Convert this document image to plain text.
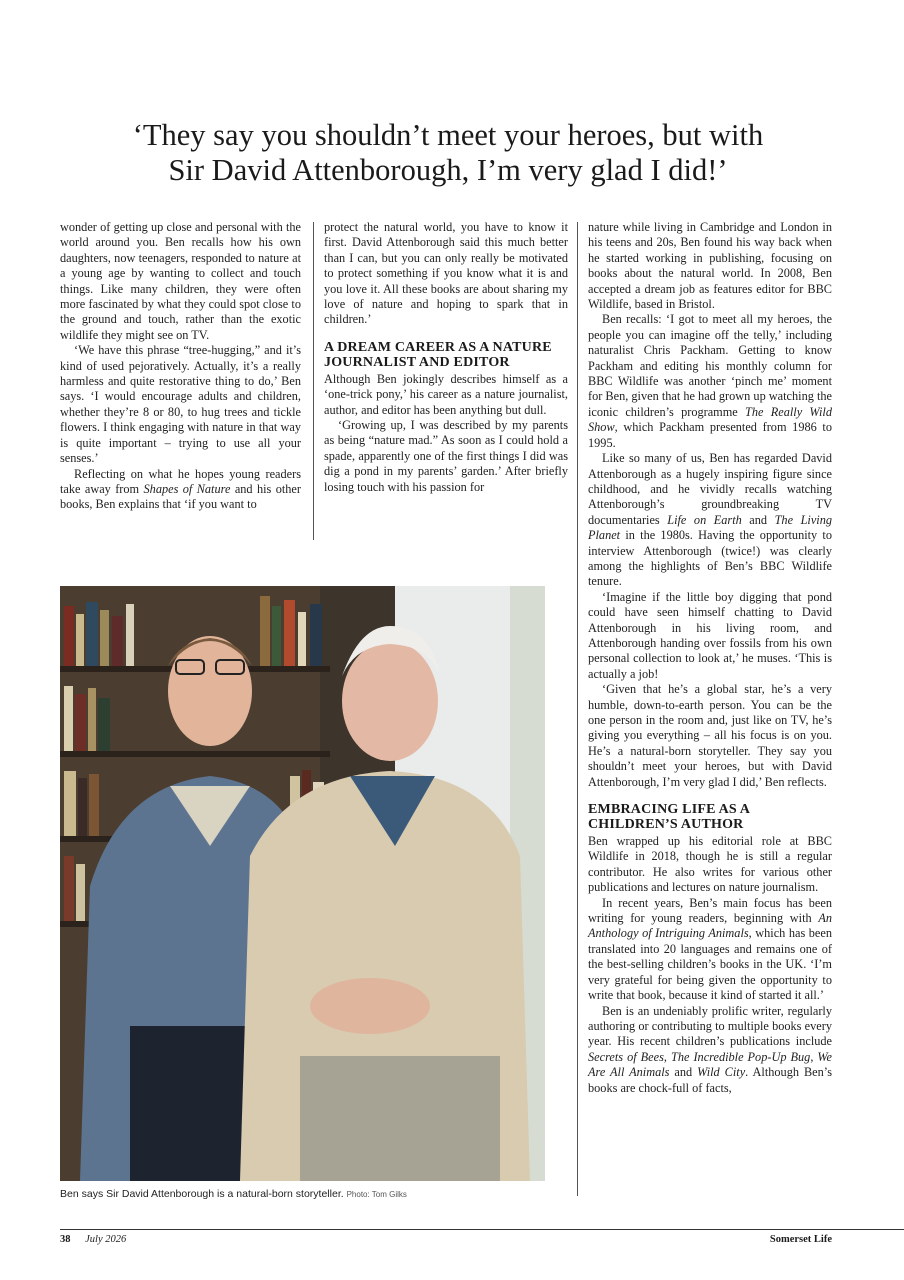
‘They say you shouldn’t meet your heroes, but with
Sir David Attenborough, I’m very glad I did!’

wonder of getting up close and personal with the world around you. Ben recalls how his own daughters, now teenagers, responded to nature at a young age by wanting to collect and touch things. Like many children, they were often more fascinated by what they could spot close to the ground and touch, rather than the exotic wildlife they might see on TV.

‘We have this phrase “tree-hugging,” and it’s kind of used pejoratively. Actually, it’s a really harmless and quite restorative thing to do,’ Ben says. ‘I would encourage adults and children, whether they’re 8 or 80, to hug trees and tickle flowers. I think engaging with nature in that way is quite important – trying to use all your senses.’

Reflecting on what he hopes young readers take away from Shapes of Nature and his other books, Ben explains that ‘if you want to

protect the natural world, you have to know it first. David Attenborough said this much better than I can, but you can only really be motivated to protect something if you know what it is and you love it. All these books are about sharing my love of nature and hoping to spark that in children.’

A DREAM CAREER AS A NATURE JOURNALIST AND EDITOR

Although Ben jokingly describes himself as a ‘one-trick pony,’ his career as a nature journalist, author, and editor has been anything but dull.

‘Growing up, I was described by my parents as being “nature mad.” As soon as I could hold a spade, apparently one of the first things I did was dig a pond in my parents’ garden.’ After briefly losing touch with his passion for

nature while living in Cambridge and London in his teens and 20s, Ben found his way back when he started working in publishing, focusing on books about the natural world. In 2008, Ben accepted a dream job as features editor for BBC Wildlife, based in Bristol.

Ben recalls: ‘I got to meet all my heroes, the people you can imagine off the telly,’ including naturalist Chris Packham. Getting to know Packham and editing his monthly column for BBC Wildlife was another ‘pinch me’ moment for Ben, given that he had grown up watching the iconic children’s programme The Really Wild Show, which Packham presented from 1986 to 1995.

Like so many of us, Ben has regarded David Attenborough as a hugely inspiring figure since childhood, and he vividly recalls watching Attenborough’s groundbreaking TV documentaries Life on Earth and The Living Planet in the 1980s. Having the opportunity to interview Attenborough (twice!) was clearly among the highlights of Ben’s BBC Wildlife tenure.

‘Imagine if the little boy digging that pond could have seen himself chatting to David Attenborough in his living room, and Attenborough handing over fossils from his own personal collection to look at,’ he muses. ‘This is actually a job!

‘Given that he’s a global star, he’s a very humble, down-to-earth person. You can be the one person in the room and, just like on TV, he’s giving you everything – all his focus is on you. He’s a natural-born storyteller. They say you shouldn’t meet your heroes, but with David Attenborough, I’m very glad I did,’ Ben reflects.

EMBRACING LIFE AS A CHILDREN’S AUTHOR

Ben wrapped up his editorial role at BBC Wildlife in 2018, though he is still a regular contributor. He also writes for various other publications and lectures on nature journalism.

In recent years, Ben’s main focus has been writing for young readers, beginning with An Anthology of Intriguing Animals, which has been translated into 20 languages and remains one of the best-selling children’s books in the UK. ‘I’m very grateful for being given the opportunity to write that book, because it kind of started it all.’

Ben is an undeniably prolific writer, regularly authoring or contributing to multiple books every year. His recent children’s publications include Secrets of Bees, The Incredible Pop-Up Bug, We Are All Animals and Wild City. Although Ben’s books are chock-full of facts,

Ben says Sir David Attenborough is a natural-born storyteller. Photo: Tom Gilks
38 July 2026	Somerset Life
